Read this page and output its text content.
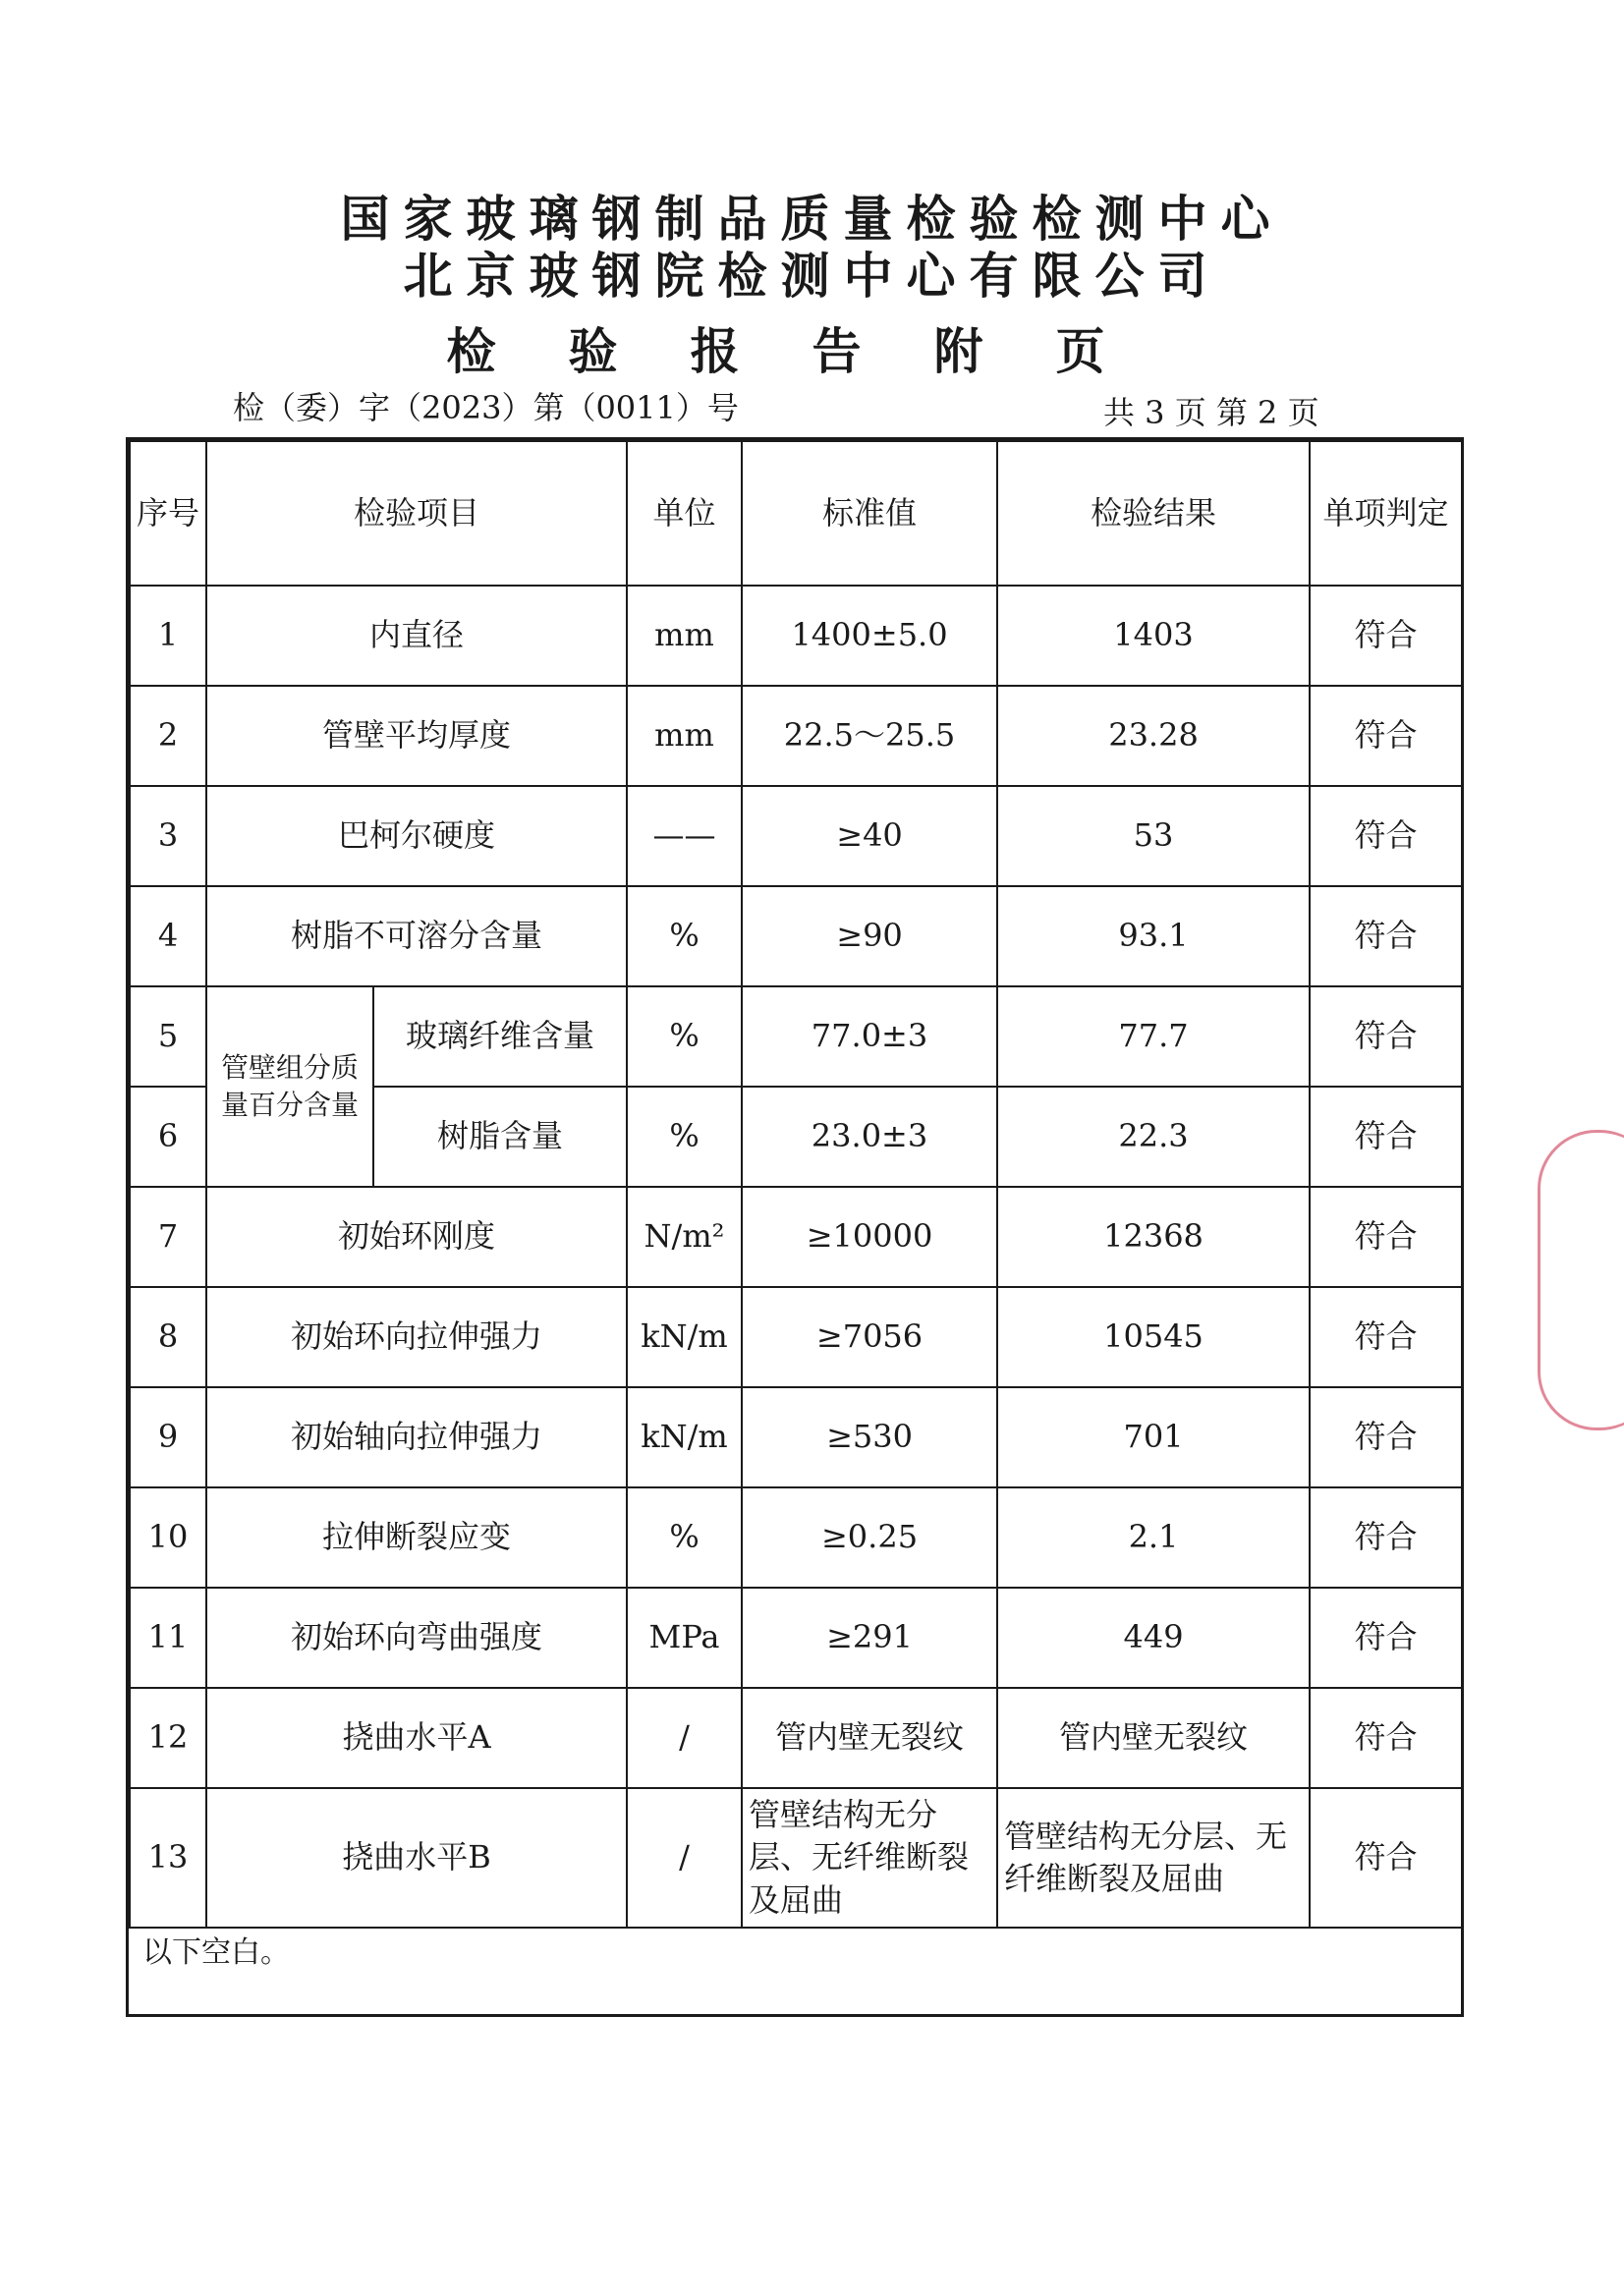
国家玻璃钢制品质量检验检测中心
北京玻钢院检测中心有限公司
检验报告附页
检（委）字（2023）第（0011）号	共 3 页 第 2 页
序号	检验项目		单位	标准值	检验结果	单项判定
1	内直径		mm	1400±5.0	1403	符合
2	管壁平均厚度		mm	22.5～25.5	23.28	符合
3	巴柯尔硬度		——	≥40	53	符合
4	树脂不可溶分含量		%	≥90	93.1	符合
5	管壁组分质量百分含量	玻璃纤维含量	%	77.0±3	77.7	符合
6		树脂含量	%	23.0±3	22.3	符合
7	初始环刚度		N/m²	≥10000	12368	符合
8	初始环向拉伸强力		kN/m	≥7056	10545	符合
9	初始轴向拉伸强力		kN/m	≥530	701	符合
10	拉伸断裂应变		%	≥0.25	2.1	符合
11	初始环向弯曲强度		MPa	≥291	449	符合
12	挠曲水平A		/	管内壁无裂纹	管内壁无裂纹	符合
13	挠曲水平B		/	管壁结构无分层、无纤维断裂及屈曲	管壁结构无分层、无纤维断裂及屈曲	符合
以下空白。
